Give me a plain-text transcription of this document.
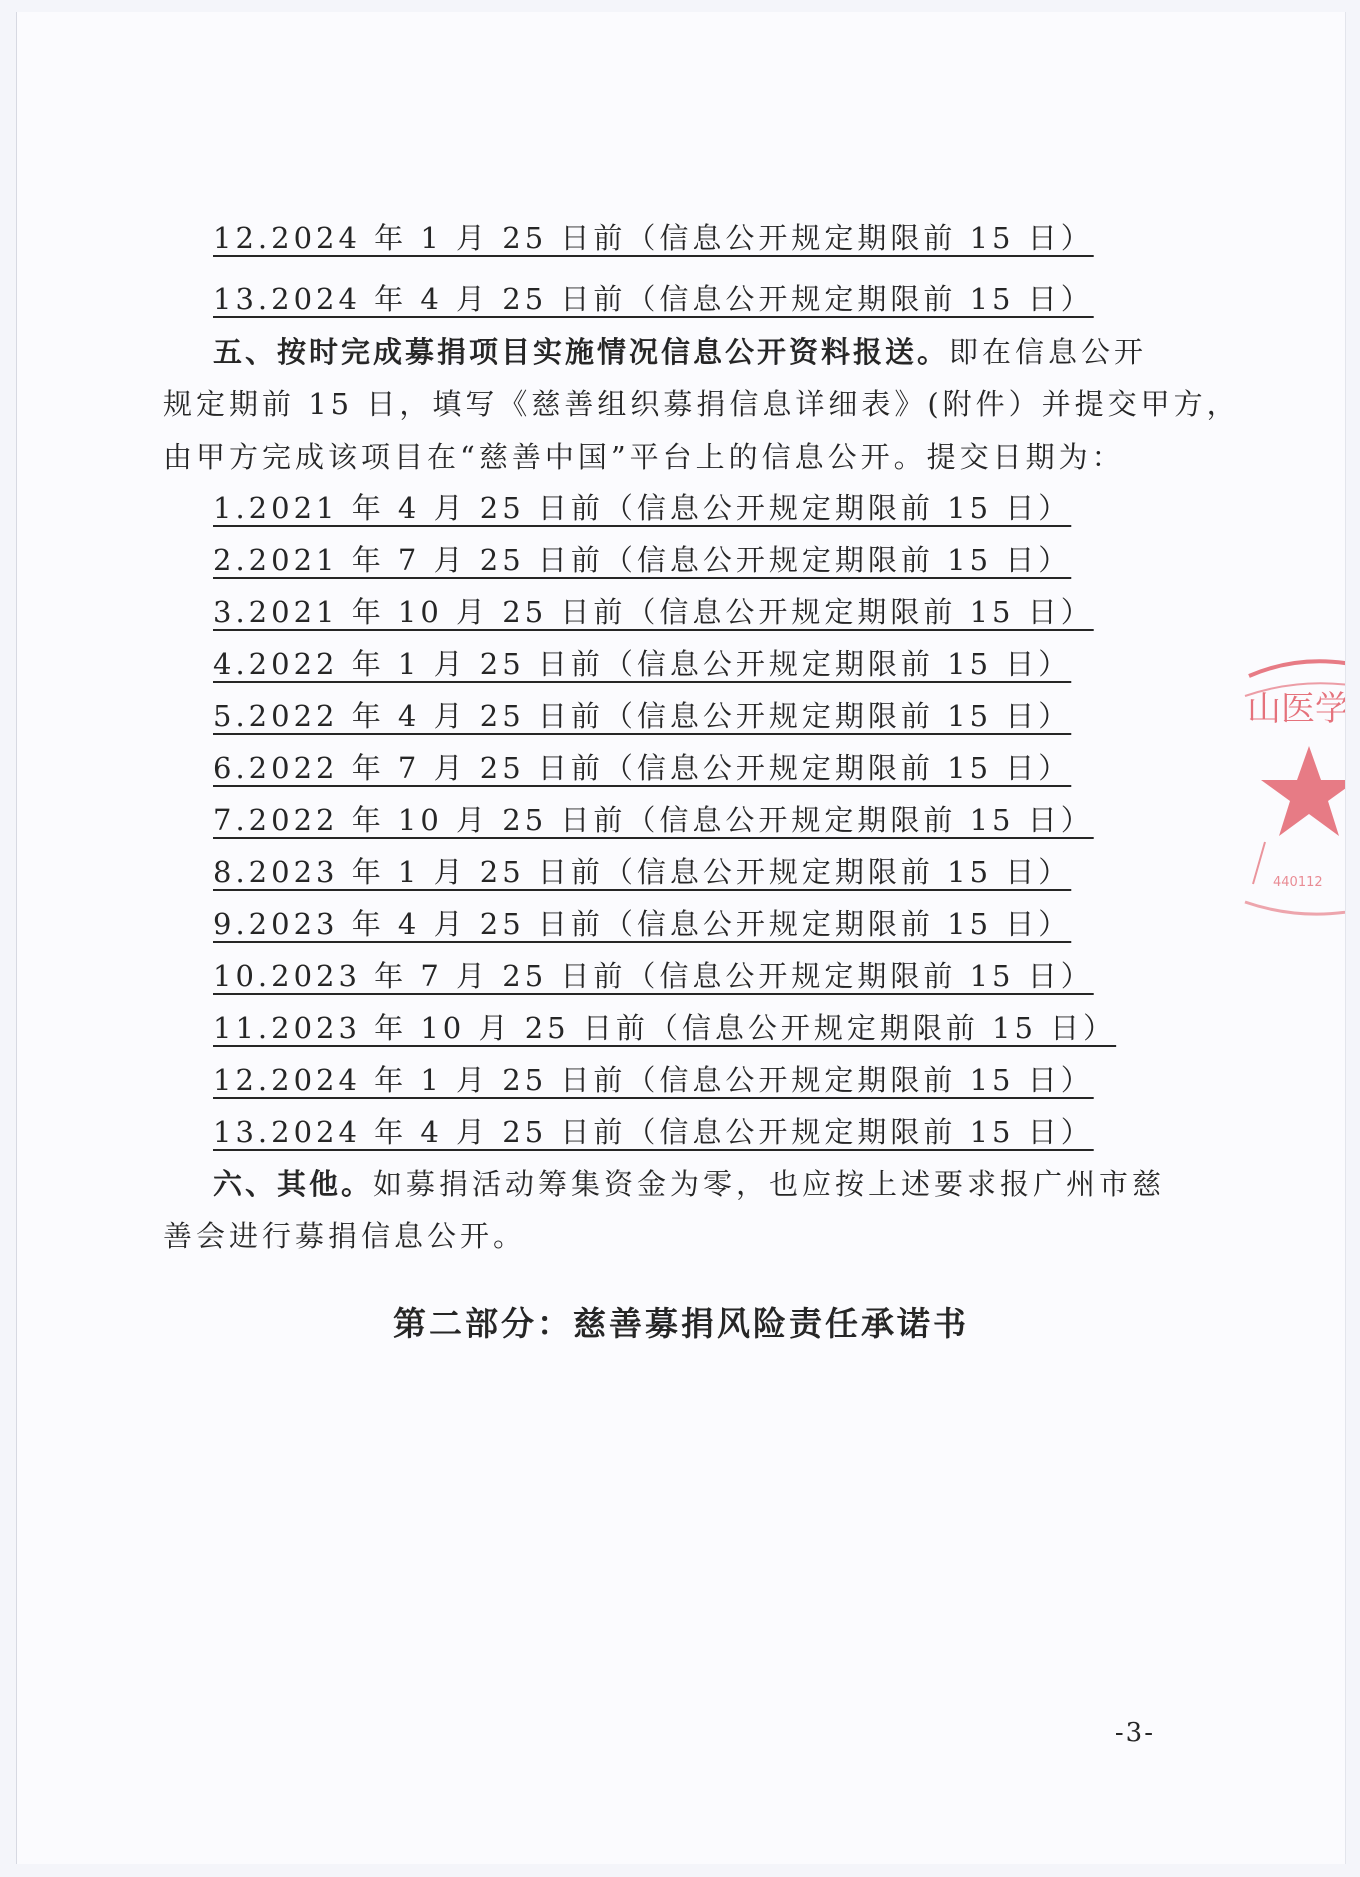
12.2024 年 1 月 25 日前（信息公开规定期限前 15 日）
13.2024 年 4 月 25 日前（信息公开规定期限前 15 日）
五、按时完成募捐项目实施情况信息公开资料报送。即在信息公开
规定期前 15 日，填写《慈善组织募捐信息详细表》(附件）并提交甲方，
由甲方完成该项目在“慈善中国”平台上的信息公开。提交日期为：
1.2021 年 4 月 25 日前（信息公开规定期限前 15 日）
2.2021 年 7 月 25 日前（信息公开规定期限前 15 日）
3.2021 年 10 月 25 日前（信息公开规定期限前 15 日）
4.2022 年 1 月 25 日前（信息公开规定期限前 15 日）
5.2022 年 4 月 25 日前（信息公开规定期限前 15 日）
6.2022 年 7 月 25 日前（信息公开规定期限前 15 日）
7.2022 年 10 月 25 日前（信息公开规定期限前 15 日）
8.2023 年 1 月 25 日前（信息公开规定期限前 15 日）
9.2023 年 4 月 25 日前（信息公开规定期限前 15 日）
10.2023 年 7 月 25 日前（信息公开规定期限前 15 日）
11.2023 年 10 月 25 日前（信息公开规定期限前 15 日）
12.2024 年 1 月 25 日前（信息公开规定期限前 15 日）
13.2024 年 4 月 25 日前（信息公开规定期限前 15 日）
六、其他。如募捐活动筹集资金为零，也应按上述要求报广州市慈
善会进行募捐信息公开。
第二部分：慈善募捐风险责任承诺书
-3-
山医学
440112
